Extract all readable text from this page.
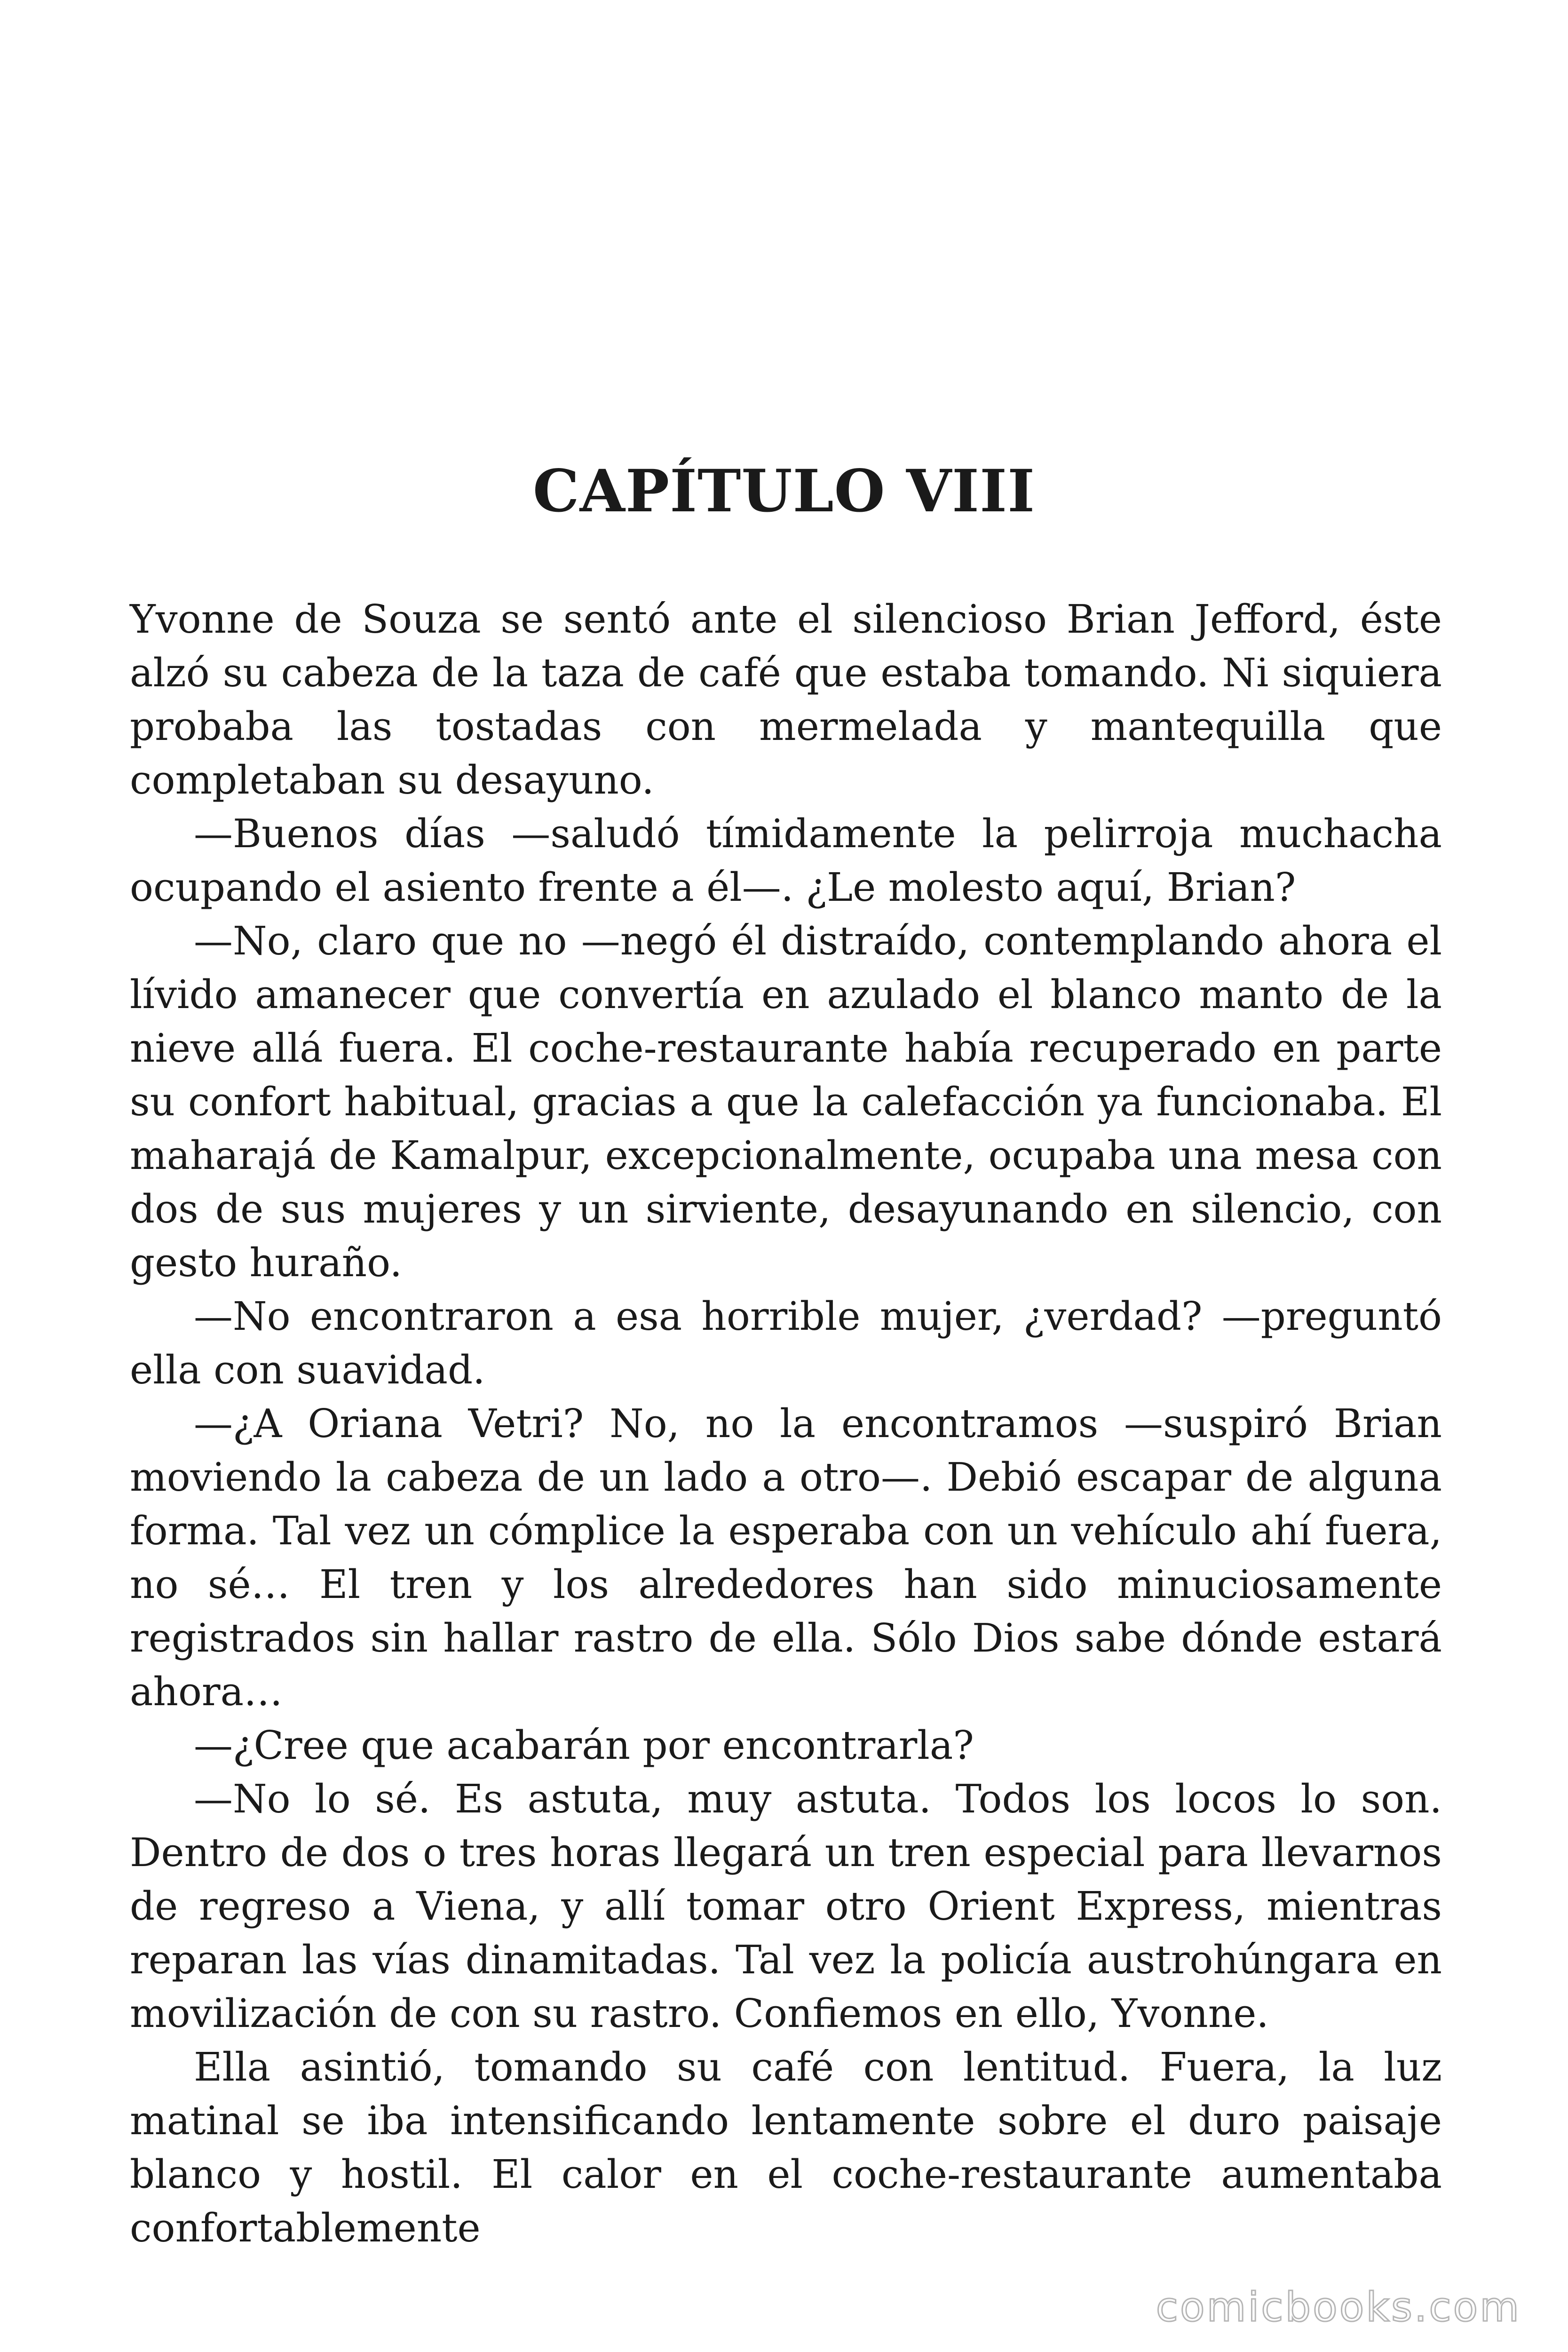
CAPÍTULO VIII

Yvonne de Souza se sentó ante el silencioso Brian Jefford, éste alzó su cabeza de la taza de café que estaba tomando. Ni siquiera probaba las tostadas con mermelada y mantequilla que completaban su desayuno.

—Buenos días —saludó tímidamente la pelirroja muchacha ocupando el asiento frente a él—. ¿Le molesto aquí, Brian?

—No, claro que no —negó él distraído, contemplando ahora el lívido amanecer que convertía en azulado el blanco manto de la nieve allá fuera. El coche-restaurante había recuperado en parte su confort habitual, gracias a que la calefacción ya funcionaba. El maharajá de Kamalpur, excepcionalmente, ocupaba una mesa con dos de sus mujeres y un sirviente, desayunando en silencio, con gesto huraño.

—No encontraron a esa horrible mujer, ¿verdad? —preguntó ella con suavidad.

—¿A Oriana Vetri? No, no la encontramos —suspiró Brian moviendo la cabeza de un lado a otro—. Debió escapar de alguna forma. Tal vez un cómplice la esperaba con un vehículo ahí fuera, no sé… El tren y los alrededores han sido minuciosamente registrados sin hallar rastro de ella. Sólo Dios sabe dónde estará ahora…

—¿Cree que acabarán por encontrarla?

—No lo sé. Es astuta, muy astuta. Todos los locos lo son. Dentro de dos o tres horas llegará un tren especial para llevarnos de regreso a Viena, y allí tomar otro Orient Express, mientras reparan las vías dinamitadas. Tal vez la policía austrohúngara en movilización de con su rastro. Confiemos en ello, Yvonne.

Ella asintió, tomando su café con lentitud. Fuera, la luz matinal se iba intensificando lentamente sobre el duro paisaje blanco y hostil. El calor en el coche-restaurante aumentaba confortablemente

comicbooks.com
